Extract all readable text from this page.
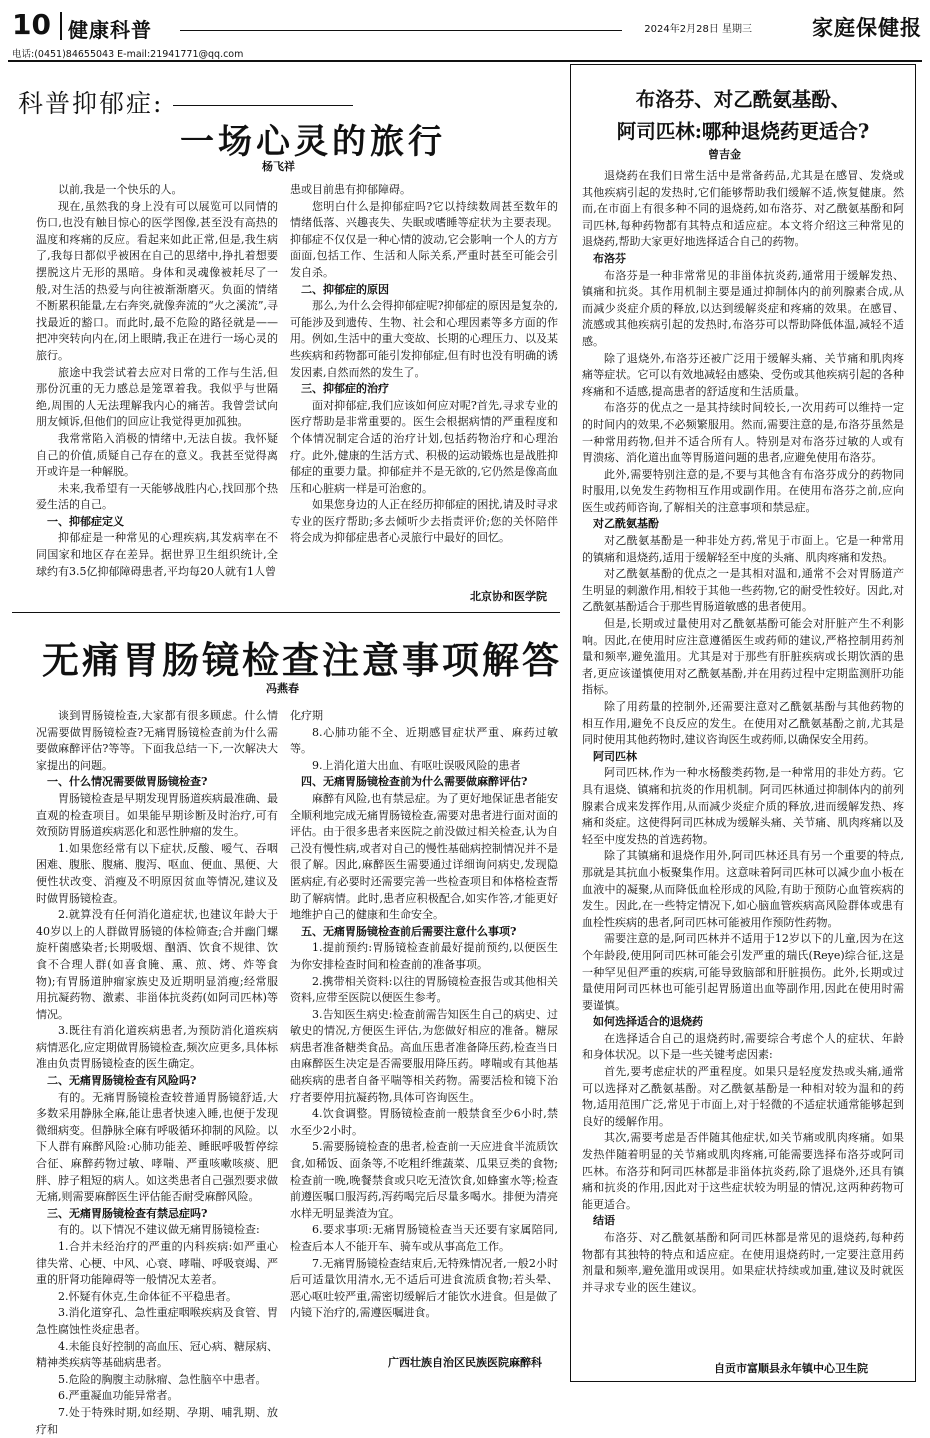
10 健康科普	2024年2月28日 星期三	家庭保健报
电话:(0451)84655043 E-mail:21941771@qq.com
科普抑郁症:
一场心灵的旅行
杨飞祥

以前,我是一个快乐的人。

现在,虽然我的身上没有可以展览可以同情的伤口,也没有触目惊心的医学图像,甚至没有高热的温度和疼痛的反应。看起来如此正常,但是,我生病了,我每日都似乎被困在自己的思绪中,挣扎着想要摆脱这片无形的黑暗。身体和灵魂像被耗尽了一般,对生活的热爱与向往被渐渐磨灭。负面的情绪不断累积能量,左右奔突,就像奔流的“火之溪流”,寻找最近的豁口。而此时,最不危险的路径就是——把冲突转向内在,闭上眼睛,我正在进行一场心灵的旅行。

旅途中我尝试着去应对日常的工作与生活,但那份沉重的无力感总是笼罩着我。我似乎与世隔绝,周围的人无法理解我内心的痛苦。我曾尝试向朋友倾诉,但他们的回应让我觉得更加孤独。

我常常陷入消极的情绪中,无法自拔。我怀疑自己的价值,质疑自己存在的意义。我甚至觉得离开或许是一种解脱。

未来,我希望有一天能够战胜内心,找回那个热爱生活的自己。

一、抑郁症定义

抑郁症是一种常见的心理疾病,其发病率在不同国家和地区存在差异。据世界卫生组织统计,全球约有3.5亿抑郁障碍患者,平均每20人就有1人曾

患或目前患有抑郁障碍。

您明白什么是抑郁症吗?它以持续数周甚至数年的情绪低落、兴趣丧失、失眠或嗜睡等症状为主要表现。抑郁症不仅仅是一种心情的波动,它会影响一个人的方方面面,包括工作、生活和人际关系,严重时甚至可能会引发自杀。

二、抑郁症的原因

那么,为什么会得抑郁症呢?抑郁症的原因是复杂的,可能涉及到遗传、生物、社会和心理因素等多方面的作用。例如,生活中的重大变故、长期的心理压力、以及某些疾病和药物都可能引发抑郁症,但有时也没有明确的诱发因素,自然而然的发生了。

三、抑郁症的治疗

面对抑郁症,我们应该如何应对呢?首先,寻求专业的医疗帮助是非常重要的。医生会根据病情的严重程度和个体情况制定合适的治疗计划,包括药物治疗和心理治疗。此外,健康的生活方式、积极的运动锻炼也是战胜抑郁症的重要力量。抑郁症并不是无欲的,它仍然是像高血压和心脏病一样是可治愈的。

如果您身边的人正在经历抑郁症的困扰,请及时寻求专业的医疗帮助;多去倾听少去指责评价;您的关怀陪伴将会成为抑郁症患者心灵旅行中最好的回忆。

北京协和医学院
无痛胃肠镜检查注意事项解答
冯燕春

谈到胃肠镜检查,大家都有很多顾虑。什么情况需要做胃肠镜检查?无痛胃肠镜检查前为什么需要做麻醉评估?等等。下面我总结一下,一次解决大家提出的问题。

一、什么情况需要做胃肠镜检查?

胃肠镜检查是早期发现胃肠道疾病最准确、最直观的检查项目。如果能早期诊断及时治疗,可有效预防胃肠道疾病恶化和恶性肿瘤的发生。

1.如果您经常有以下症状,反酸、嗳气、吞咽困难、腹胀、腹痛、腹泻、呕血、便血、黑便、大便性状改变、消瘦及不明原因贫血等情况,建议及时做胃肠镜检查。

2.就算没有任何消化道症状,也建议年龄大于40岁以上的人群做胃肠镜的体检筛查;合并幽门螺旋杆菌感染者;长期吸烟、酗酒、饮食不规律、饮食不合理人群(如喜食腌、熏、煎、烤、炸等食物);有胃肠道肿瘤家族史及近期明显消瘦;经常服用抗凝药物、激素、非甾体抗炎药(如阿司匹林)等情况。

3.既往有消化道疾病患者,为预防消化道疾病病情恶化,应定期做胃肠镜检查,频次应更多,具体标准由负责胃肠镜检查的医生确定。

二、无痛胃肠镜检查有风险吗?

有的。无痛胃肠镜检查较普通胃肠镜舒适,大多数采用静脉全麻,能让患者快速入睡,也便于发现微细病变。但静脉全麻有呼吸循环抑制的风险。以下人群有麻醉风险:心肺功能差、睡眠呼吸暂停综合征、麻醉药物过敏、哮喘、严重咳嗽咳痰、肥胖、脖子粗短的病人。如这类患者自己强烈要求做无痛,则需要麻醉医生评估能否耐受麻醉风险。

三、无痛胃肠镜检查有禁忌症吗?

有的。以下情况不建议做无痛胃肠镜检查:

1.合并未经治疗的严重的内科疾病:如严重心律失常、心梗、中风、心衰、哮喘、呼吸衰竭、严重的肝肾功能障碍等一般情况太差者。

2.怀疑有休克,生命体征不平稳患者。

3.消化道穿孔、急性重症咽喉疾病及食管、胃急性腐蚀性炎症患者。

4.未能良好控制的高血压、冠心病、糖尿病、精神类疾病等基础病患者。

5.危险的胸腹主动脉瘤、急性脑卒中患者。

6.严重凝血功能异常者。

7.处于特殊时期,如经期、孕期、哺乳期、放疗和

化疗期

8.心肺功能不全、近期感冒症状严重、麻药过敏等。

9.上消化道大出血、有呕吐误吸风险的患者

四、无痛胃肠镜检查前为什么需要做麻醉评估?

麻醉有风险,也有禁忌症。为了更好地保证患者能安全顺利地完成无痛胃肠镜检查,需要对患者进行面对面的评估。由于很多患者来医院之前没做过相关检查,认为自己没有慢性病,或者对自己的慢性基础病控制情况并不是很了解。因此,麻醉医生需要通过详细询问病史,发现隐匿病症,有必要时还需要完善一些检查项目和体格检查帮助了解病情。此时,患者应积极配合,如实作答,才能更好地维护自己的健康和生命安全。

五、无痛胃肠镜检查前后需要注意什么事项?

1.提前预约:胃肠镜检查前最好提前预约,以便医生为你安排检查时间和检查前的准备事项。

2.携带相关资料:以往的胃肠镜检查报告或其他相关资料,应带至医院以便医生参考。

3.告知医生病史:检查前需告知医生自己的病史、过敏史的情况,方便医生评估,为您做好相应的准备。糖尿病患者准备糖类食品。高血压患者准备降压药,检查当日由麻醉医生决定是否需要服用降压药。哮喘或有其他基础疾病的患者自备平喘等相关药物。需要活检和镜下治疗者要停用抗凝药物,具体可咨询医生。

4.饮食调整。胃肠镜检查前一般禁食至少6小时,禁水至少2小时。

5.需要肠镜检查的患者,检查前一天应进食半流质饮食,如稀饭、面条等,不吃粗纤维蔬菜、瓜果豆类的食物;检查前一晚,晚餐禁食或只吃无渣饮食,如蜂蜜水等;检查前遵医嘱口服泻药,泻药喝完后尽量多喝水。排便为清亮水样无明显粪渣为宜。

6.要求事项:无痛胃肠镜检查当天还要有家属陪同,检查后本人不能开车、骑车或从事高危工作。

7.无痛胃肠镜检查结束后,无特殊情况者,一般2小时后可适量饮用清水,无不适后可进食流质食物;若头晕、恶心呕吐较严重,需密切缓解后才能饮水进食。但是做了内镜下治疗的,需遵医嘱进食。

广西壮族自治区民族医院麻醉科
布洛芬、对乙酰氨基酚、
阿司匹林:哪种退烧药更适合?
曾吉金

退烧药在我们日常生活中是常备药品,尤其是在感冒、发烧或其他疾病引起的发热时,它们能够帮助我们缓解不适,恢复健康。然而,在市面上有很多种不同的退烧药,如布洛芬、对乙酰氨基酚和阿司匹林,每种药物都有其特点和适应症。本文将介绍这三种常见的退烧药,帮助大家更好地选择适合自己的药物。

布洛芬

布洛芬是一种非常常见的非甾体抗炎药,通常用于缓解发热、镇痛和抗炎。其作用机制主要是通过抑制体内的前列腺素合成,从而减少炎症介质的释放,以达到缓解炎症和疼痛的效果。在感冒、流感或其他疾病引起的发热时,布洛芬可以帮助降低体温,减轻不适感。

除了退烧外,布洛芬还被广泛用于缓解头痛、关节痛和肌肉疼痛等症状。它可以有效地减轻由感染、受伤或其他疾病引起的各种疼痛和不适感,提高患者的舒适度和生活质量。

布洛芬的优点之一是其持续时间较长,一次用药可以维持一定的时间内的效果,不必频繁服用。然而,需要注意的是,布洛芬虽然是一种常用药物,但并不适合所有人。特别是对布洛芬过敏的人或有胃溃疡、消化道出血等胃肠道问题的患者,应避免使用布洛芬。

此外,需要特别注意的是,不要与其他含有布洛芬成分的药物同时服用,以免发生药物相互作用或副作用。在使用布洛芬之前,应向医生或药师咨询,了解相关的注意事项和禁忌症。

对乙酰氨基酚

对乙酰氨基酚是一种非处方药,常见于市面上。它是一种常用的镇痛和退烧药,适用于缓解轻至中度的头痛、肌肉疼痛和发热。

对乙酰氨基酚的优点之一是其相对温和,通常不会对胃肠道产生明显的刺激作用,相较于其他一些药物,它的耐受性较好。因此,对乙酰氨基酚适合于那些胃肠道敏感的患者使用。

但是,长期或过量使用对乙酰氨基酚可能会对肝脏产生不利影响。因此,在使用时应注意遵循医生或药师的建议,严格控制用药剂量和频率,避免滥用。尤其是对于那些有肝脏疾病或长期饮酒的患者,更应该谨慎使用对乙酰氨基酚,并在用药过程中定期监测肝功能指标。

除了用药量的控制外,还需要注意对乙酰氨基酚与其他药物的相互作用,避免不良反应的发生。在使用对乙酰氨基酚之前,尤其是同时使用其他药物时,建议咨询医生或药师,以确保安全用药。

阿司匹林

阿司匹林,作为一种水杨酸类药物,是一种常用的非处方药。它具有退烧、镇痛和抗炎的作用机制。阿司匹林通过抑制体内的前列腺素合成来发挥作用,从而减少炎症介质的释放,进而缓解发热、疼痛和炎症。这使得阿司匹林成为缓解头痛、关节痛、肌肉疼痛以及轻至中度发热的首选药物。

除了其镇痛和退烧作用外,阿司匹林还具有另一个重要的特点,那就是其抗血小板聚集作用。这意味着阿司匹林可以减少血小板在血液中的凝聚,从而降低血栓形成的风险,有助于预防心血管疾病的发生。因此,在一些特定情况下,如心脑血管疾病高风险群体或患有血栓性疾病的患者,阿司匹林可能被用作预防性药物。

需要注意的是,阿司匹林并不适用于12岁以下的儿童,因为在这个年龄段,使用阿司匹林可能会引发严重的瑞氏(Reye)综合征,这是一种罕见但严重的疾病,可能导致脑部和肝脏损伤。此外,长期或过量使用阿司匹林也可能引起胃肠道出血等副作用,因此在使用时需要谨慎。

如何选择适合的退烧药

在选择适合自己的退烧药时,需要综合考虑个人的症状、年龄和身体状况。以下是一些关键考虑因素:

首先,要考虑症状的严重程度。如果只是轻度发热或头痛,通常可以选择对乙酰氨基酚。对乙酰氨基酚是一种相对较为温和的药物,适用范围广泛,常见于市面上,对于轻微的不适症状通常能够起到良好的缓解作用。

其次,需要考虑是否伴随其他症状,如关节痛或肌肉疼痛。如果发热伴随着明显的关节痛或肌肉疼痛,可能需要选择布洛芬或阿司匹林。布洛芬和阿司匹林都是非甾体抗炎药,除了退烧外,还具有镇痛和抗炎的作用,因此对于这些症状较为明显的情况,这两种药物可能更适合。

结语

布洛芬、对乙酰氨基酚和阿司匹林都是常见的退烧药,每种药物都有其独特的特点和适应症。在使用退烧药时,一定要注意用药剂量和频率,避免滥用或误用。如果症状持续或加重,建议及时就医并寻求专业的医生建议。

自贡市富顺县永年镇中心卫生院
